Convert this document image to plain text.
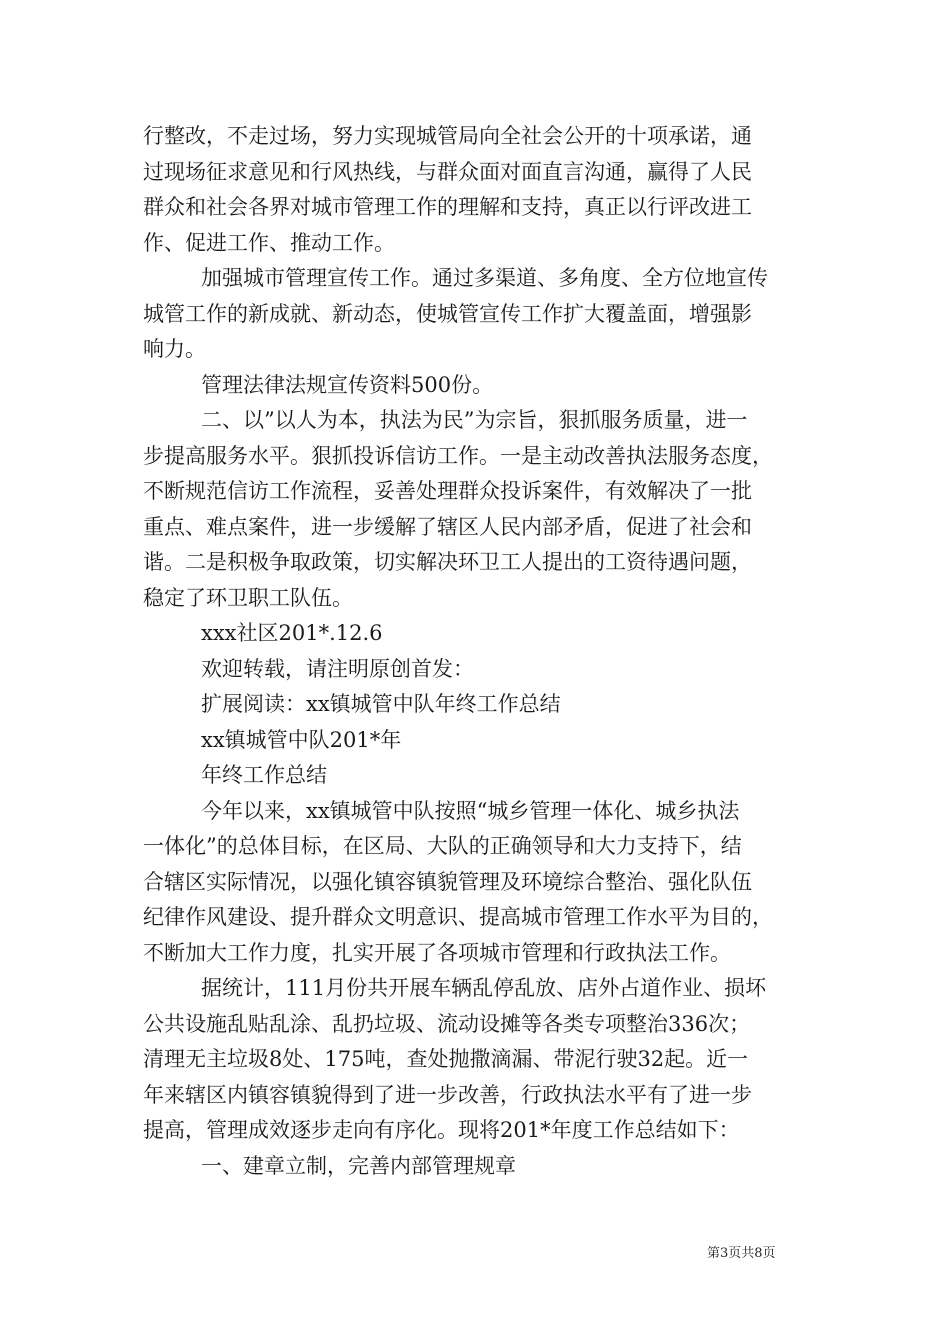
行整改，不走过场，努力实现城管局向全社会公开的十项承诺，通
过现场征求意见和行风热线，与群众面对面直言沟通，赢得了人民
群众和社会各界对城市管理工作的理解和支持，真正以行评改进工
作、促进工作、推动工作。
加强城市管理宣传工作。通过多渠道、多角度、全方位地宣传
城管工作的新成就、新动态，使城管宣传工作扩大覆盖面，增强影
响力。
管理法律法规宣传资料500份。
二、以”以人为本，执法为民”为宗旨，狠抓服务质量，进一
步提高服务水平。狠抓投诉信访工作。一是主动改善执法服务态度，
不断规范信访工作流程，妥善处理群众投诉案件，有效解决了一批
重点、难点案件，进一步缓解了辖区人民内部矛盾，促进了社会和
谐。二是积极争取政策，切实解决环卫工人提出的工资待遇问题，
稳定了环卫职工队伍。
xxx社区201*.12.6
欢迎转载，请注明原创首发：
扩展阅读：xx镇城管中队年终工作总结
xx镇城管中队201*年
年终工作总结
今年以来，xx镇城管中队按照“城乡管理一体化、城乡执法
一体化”的总体目标，在区局、大队的正确领导和大力支持下，结
合辖区实际情况，以强化镇容镇貌管理及环境综合整治、强化队伍
纪律作风建设、提升群众文明意识、提高城市管理工作水平为目的，
不断加大工作力度，扎实开展了各项城市管理和行政执法工作。
据统计，111月份共开展车辆乱停乱放、店外占道作业、损坏
公共设施乱贴乱涂、乱扔垃圾、流动设摊等各类专项整治336次；
清理无主垃圾8处、175吨，查处抛撒滴漏、带泥行驶32起。近一
年来辖区内镇容镇貌得到了进一步改善，行政执法水平有了进一步
提高，管理成效逐步走向有序化。现将201*年度工作总结如下：
一、建章立制，完善内部管理规章
第3页共8页
